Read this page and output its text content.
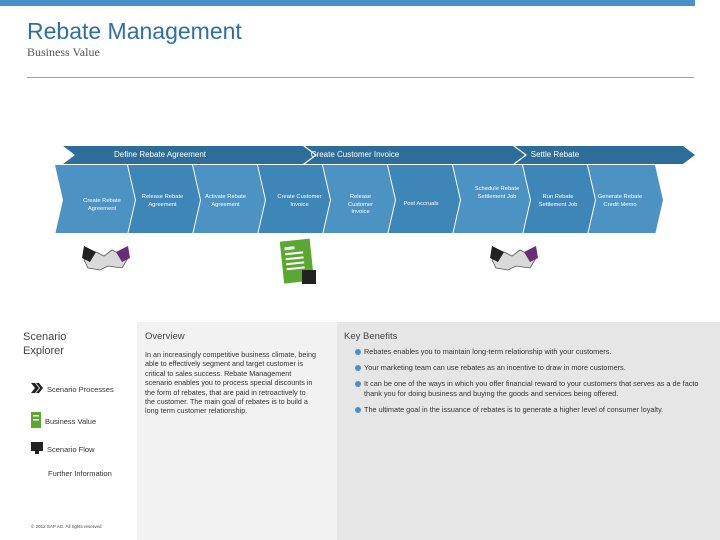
Rebate Management
Business Value
Define Rebate Agreement	Create Customer Invoice	Settle Rebate
Create Rebate Agreement
Release Rebate Agreement
Activate Rebate Agreement
Create Customer Invoice
Release Customer Invoice
Post Accruals
Schedule Rebate Settlement Job	Run Rebate Settlement Job
Generate Rebate Credit Memo
Scenario Explorer
Scenario Processes
Business Value
Scenario Flow
Further Information
© 2012 SAP AG. All rights reserved
Overview
In an increasingly competitive business climate, being able to effectively segment and target customer is critical to sales success. Rebate Management scenario enables you to process special discounts in the form of rebates, that are paid in retroactively to the customer. The main goal of rebates is to build a long term customer relationship.
Key Benefits
Rebates enables you to maintain long-term relationship with your customers.
Your marketing team can use rebates as an incentive to draw in more customers.
It can be one of the ways in which you offer financial reward to your customers that serves as a de facto thank you for doing business and buying the goods and services being offered.
The ultimate goal in the issuance of rebates is to generate a higher level of consumer loyalty.
